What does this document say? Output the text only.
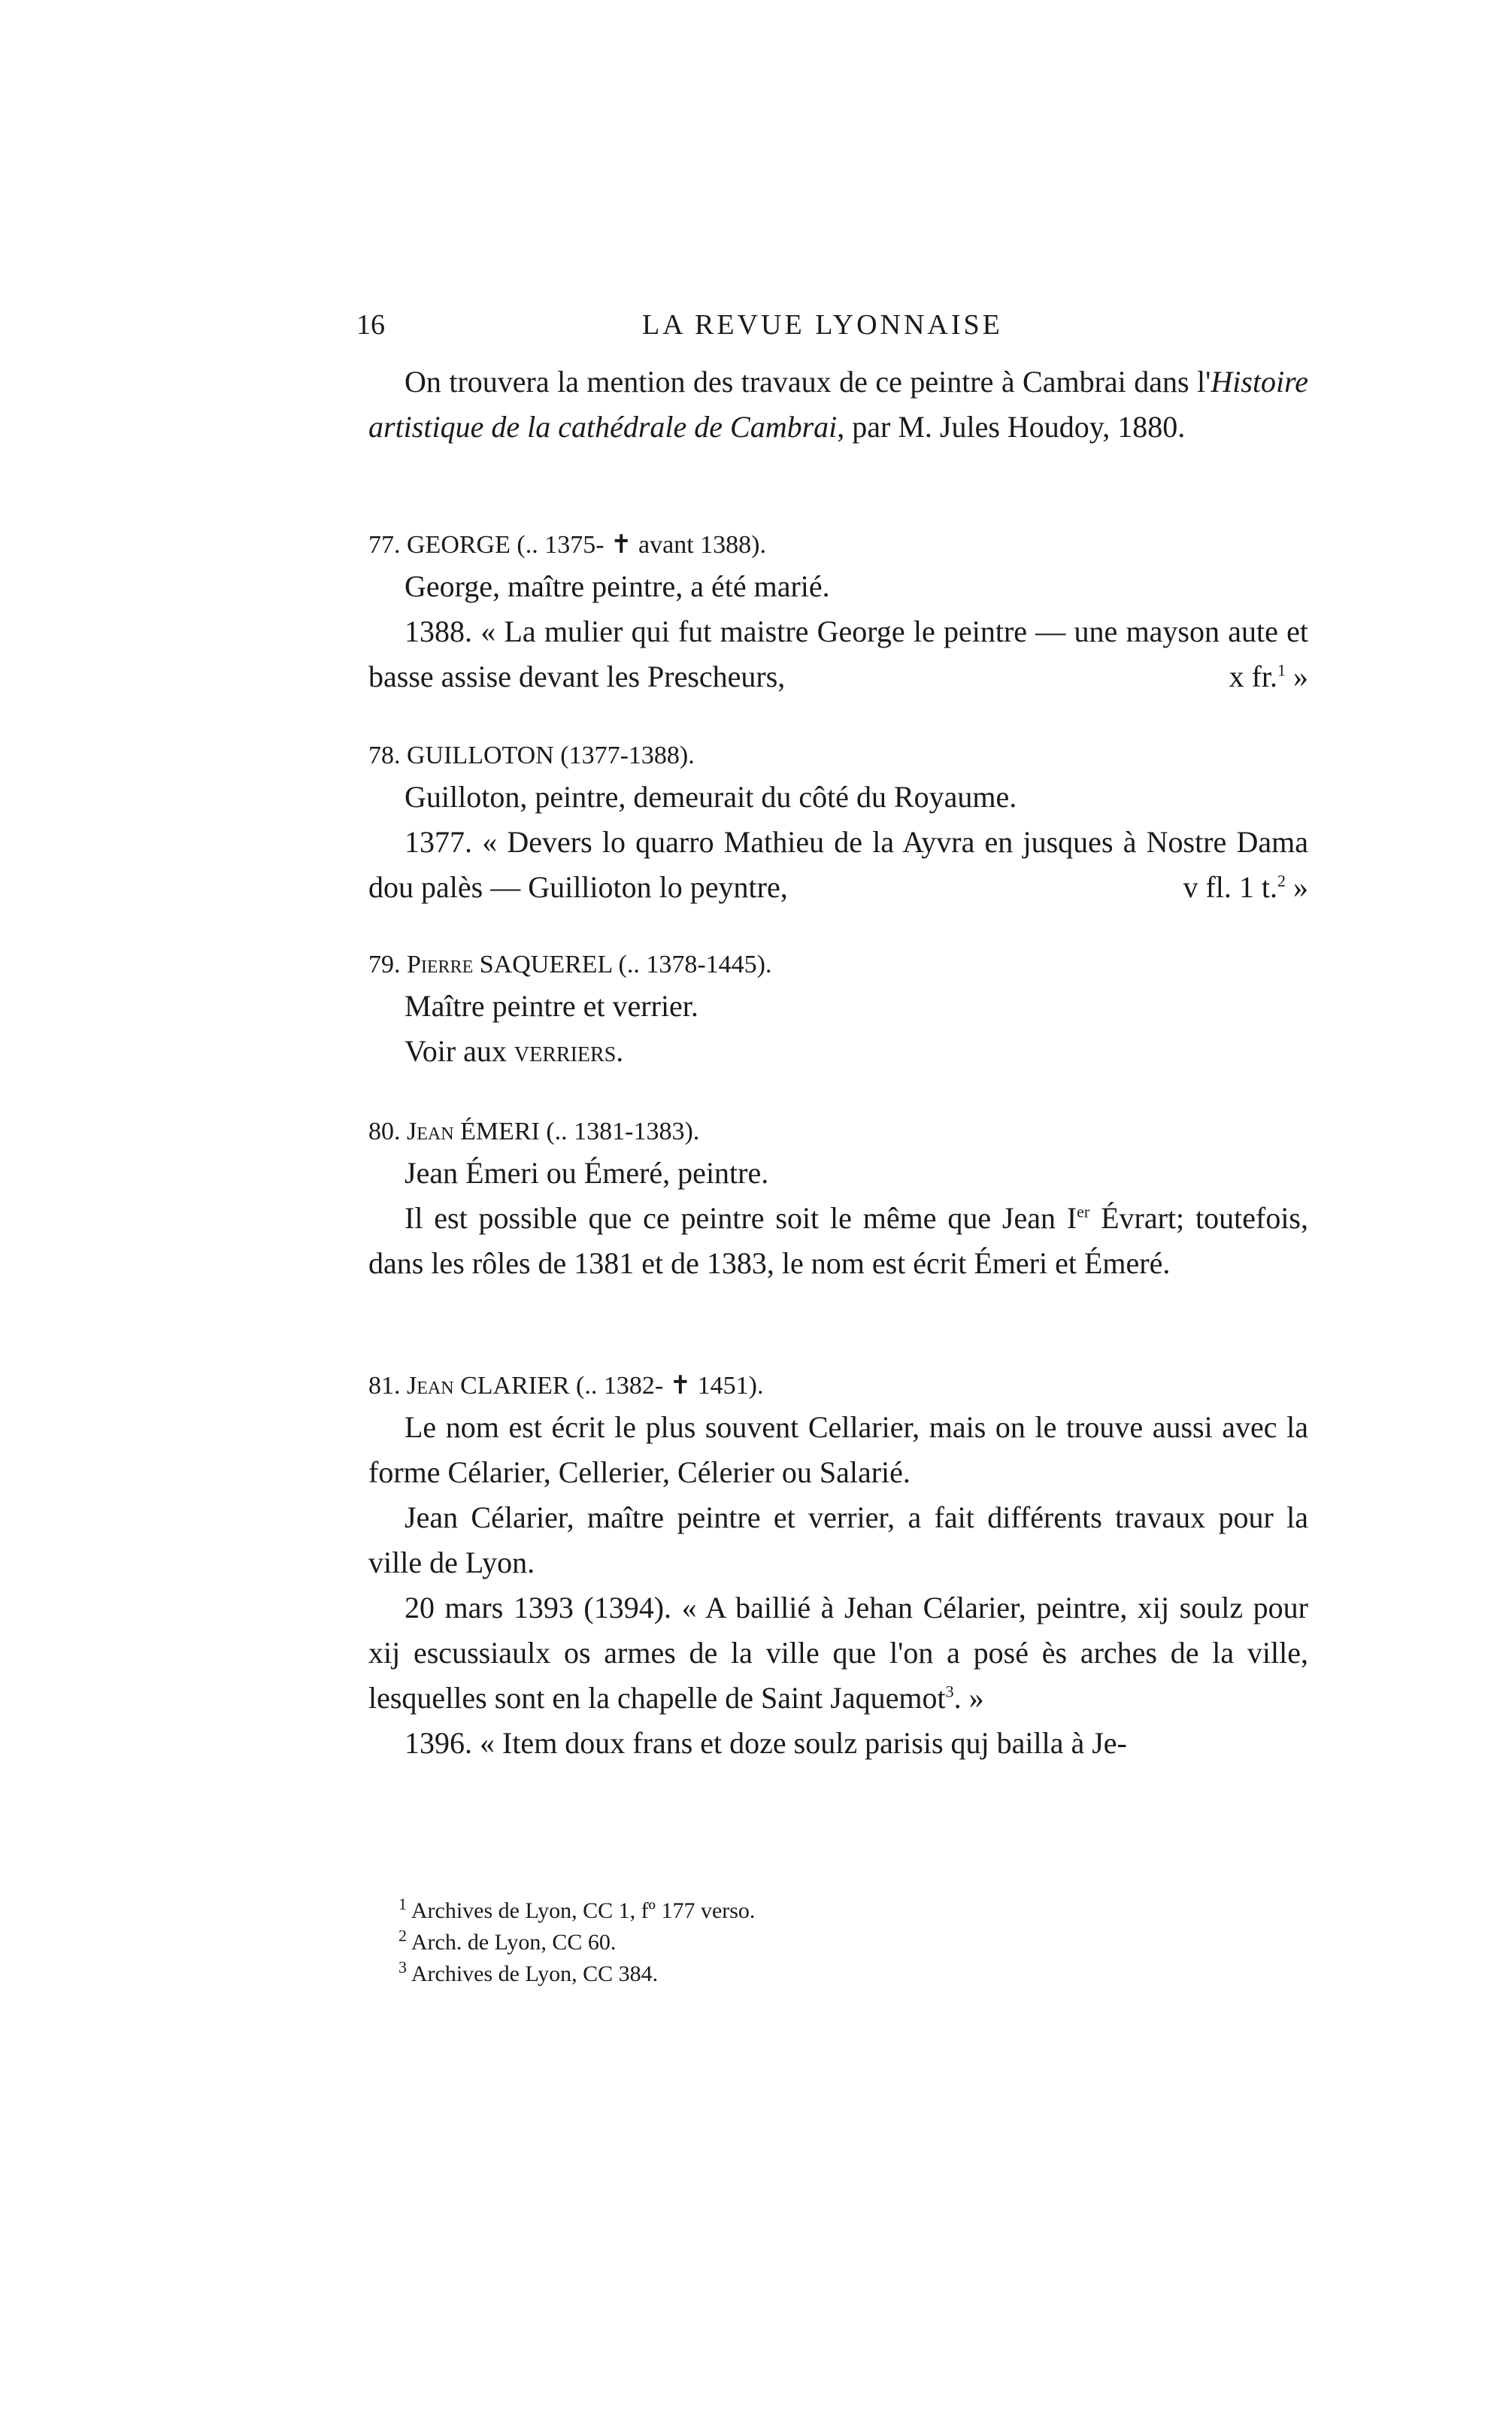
16	LA REVUE LYONNAISE

On trouvera la mention des travaux de ce peintre à Cambrai dans l'Histoire artistique de la cathédrale de Cambrai, par M. Jules Houdoy, 1880.

77. GEORGE (.. 1375- ✝ avant 1388).

George, maître peintre, a été marié.

1388. « La mulier qui fut maistre George le peintre — une mayson aute et basse assise devant les Prescheurs,	x fr.$^1$ »

78. GUILLOTON (1377-1388).

Guilloton, peintre, demeurait du côté du Royaume.

1377. « Devers lo quarro Mathieu de la Ayvra en jusques à Nostre Dama dou palès — Guillioton lo peyntre,	v fl. 1 t.$^2$ »

79. Pierre SAQUEREL (.. 1378-1445).

Maître peintre et verrier.

Voir aux verriers.

80. Jean ÉMERI (.. 1381-1383).

Jean Émeri ou Émeré, peintre.

Il est possible que ce peintre soit le même que Jean Ier Évrart; toutefois, dans les rôles de 1381 et de 1383, le nom est écrit Émeri et Émeré.

81. Jean CLARIER (.. 1382- ✝ 1451).

Le nom est écrit le plus souvent Cellarier, mais on le trouve aussi avec la forme Célarier, Cellerier, Célerier ou Salarié.

Jean Célarier, maître peintre et verrier, a fait différents travaux pour la ville de Lyon.

20 mars 1393 (1394). « A baillié à Jehan Célarier, peintre, xij soulz pour xij escussiaulx os armes de la ville que l'on a posé ès arches de la ville, lesquelles sont en la chapelle de Saint Jaquemot$^3$. »

1396. « Item doux frans et doze soulz parisis quj bailla à Je-

$^1$ Archives de Lyon, CC 1, fº 177 verso.

$^2$ Arch. de Lyon, CC 60.

$^3$ Archives de Lyon, CC 384.
